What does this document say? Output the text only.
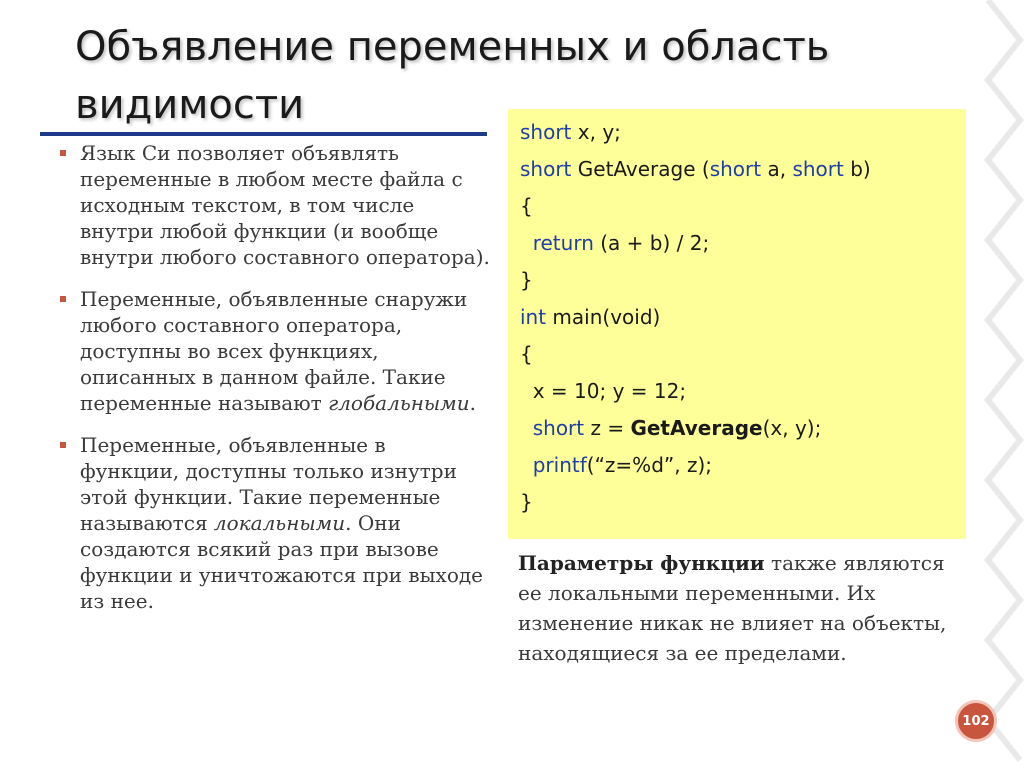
Объявление переменных и область видимости
Язык Си позволяет объявлять переменные в любом месте файла с исходным текстом, в том числе внутри любой функции (и вообще внутри любого составного оператора).
Переменные, объявленные снаружи любого составного оператора, доступны во всех функциях, описанных в данном файле. Такие переменные называют глобальными.
Переменные, объявленные в функции, доступны только изнутри этой функции. Такие переменные называются локальными. Они создаются всякий раз при вызове функции и уничтожаются при выходе из нее.
short x, y;
short GetAverage (short a, short b)
{
return (a + b) / 2;
}
int main(void)
{
x = 10; y = 12;
short z = GetAverage(x, y);
printf(“z=%d”, z);
}

Параметры функции также являются ее локальными переменными. Их изменение никак не влияет на объекты, находящиеся за ее пределами.

102
